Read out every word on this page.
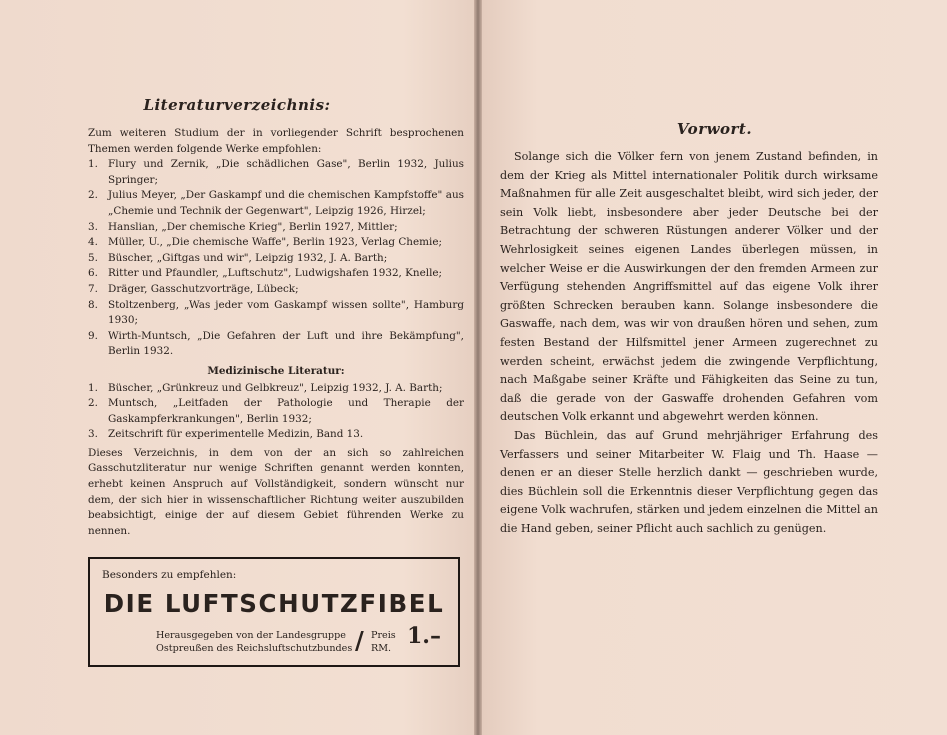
Literaturverzeichnis:

Zum weiteren Studium der in vorliegender Schrift besprochenen Themen werden folgende Werke empfohlen:

1. Flury und Zernik, „Die schädlichen Gase", Berlin 1932, Julius Springer;
2. Julius Meyer, „Der Gaskampf und die chemischen Kampfstoffe" aus „Chemie und Technik der Gegenwart", Leipzig 1926, Hirzel;
3. Hanslian, „Der chemische Krieg", Berlin 1927, Mittler;
4. Müller, U., „Die chemische Waffe", Berlin 1923, Verlag Chemie;
5. Büscher, „Giftgas und wir", Leipzig 1932, J. A. Barth;
6. Ritter und Pfaundler, „Luftschutz", Ludwigshafen 1932, Knelle;
7. Dräger, Gasschutzvorträge, Lübeck;
8. Stoltzenberg, „Was jeder vom Gaskampf wissen sollte", Hamburg 1930;
9. Wirth-Muntsch, „Die Gefahren der Luft und ihre Bekämpfung", Berlin 1932.
Medizinische Literatur:
1. Büscher, „Grünkreuz und Gelbkreuz", Leipzig 1932, J. A. Barth;
2. Muntsch, „Leitfaden der Pathologie und Therapie der Gaskampferkrankungen", Berlin 1932;
3. Zeitschrift für experimentelle Medizin, Band 13.

Dieses Verzeichnis, in dem von der an sich so zahlreichen Gasschutzliteratur nur wenige Schriften genannt werden konnten, erhebt keinen Anspruch auf Vollständigkeit, sondern wünscht nur dem, der sich hier in wissenschaftlicher Richtung weiter auszubilden beabsichtigt, einige der auf diesem Gebiet führenden Werke zu nennen.

Besonders zu empfehlen:
DIE LUFTSCHUTZFIBEL
Herausgegeben von der Landesgruppe
Ostpreußen des Reichsluftschutzbundes / Preis
RM. 1.–
Vorwort.

Solange sich die Völker fern von jenem Zustand befinden, in dem der Krieg als Mittel internationaler Politik durch wirksame Maßnahmen für alle Zeit ausgeschaltet bleibt, wird sich jeder, der sein Volk liebt, insbesondere aber jeder Deutsche bei der Betrachtung der schweren Rüstungen anderer Völker und der Wehrlosigkeit seines eigenen Landes überlegen müssen, in welcher Weise er die Auswirkungen der den fremden Armeen zur Verfügung stehenden Angriffsmittel auf das eigene Volk ihrer größten Schrecken berauben kann. Solange insbesondere die Gaswaffe, nach dem, was wir von draußen hören und sehen, zum festen Bestand der Hilfsmittel jener Armeen zugerechnet zu werden scheint, erwächst jedem die zwingende Verpflichtung, nach Maßgabe seiner Kräfte und Fähigkeiten das Seine zu tun, daß die gerade von der Gaswaffe drohenden Gefahren vom deutschen Volk erkannt und abgewehrt werden können.

Das Büchlein, das auf Grund mehrjähriger Erfahrung des Verfassers und seiner Mitarbeiter W. Flaig und Th. Haase — denen er an dieser Stelle herzlich dankt — geschrieben wurde, dies Büchlein soll die Erkenntnis dieser Verpflichtung gegen das eigene Volk wachrufen, stärken und jedem einzelnen die Mittel an die Hand geben, seiner Pflicht auch sachlich zu genügen.
